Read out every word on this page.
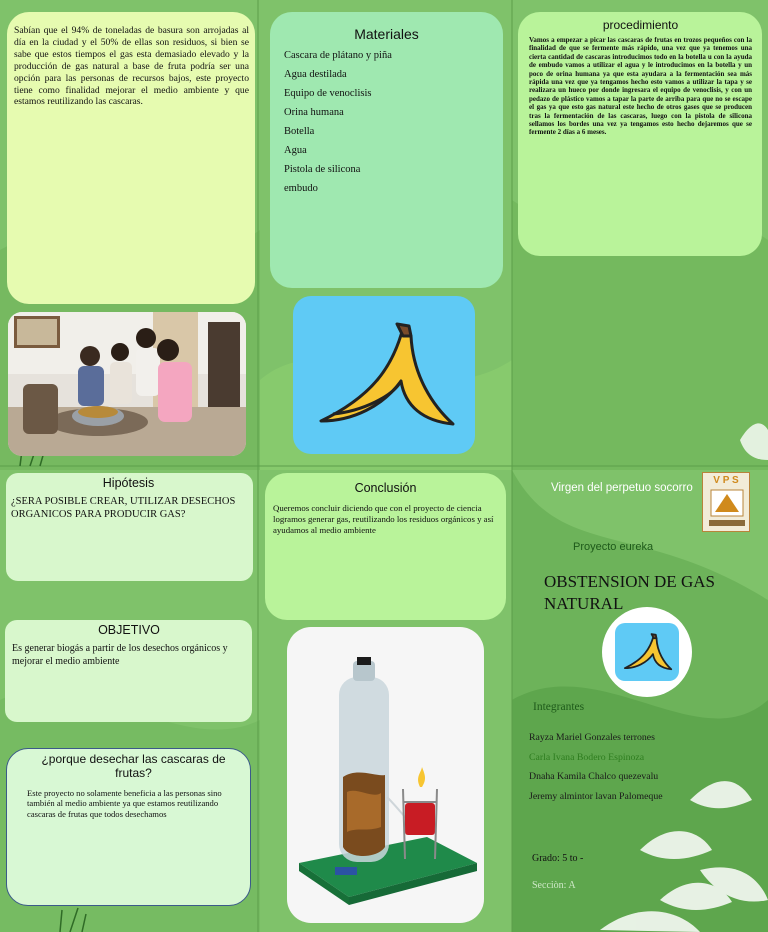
Sabían que el 94% de toneladas de basura son arrojadas al día en la ciudad y el 50% de ellas son residuos, si bien se sabe que estos tiempos el gas esta demasiado elevado y la producción de gas natural a base de fruta podría ser una opción para las personas de recursos bajos, este proyecto tiene como finalidad mejorar el medio ambiente y que estamos reutilizando las cascaras.
Materiales
Cascara de plátano y piña
Agua destilada
Equipo de venoclisis
Orina humana
Botella
Agua
Pistola de silicona
embudo
procedimiento
Vamos a empezar a picar las cascaras de frutas en trozos pequeños con la finalidad de que se fermente más rápido, una vez que ya tenemos una cierta cantidad de cascaras introducimos todo en la botella u con la ayuda de embudo vamos a utilizar el agua y le introducimos en la botella y un poco de orina humana ya que esta ayudara a la fermentación sea más rápida una vez que ya tengamos hecho esto vamos a utilizar la tapa y se realizara un hueco por donde ingresara el equipo de venoclisis, y con un pedazo de plástico vamos a tapar la parte de arriba para que no se escape el gas ya que esto gas natural este hecho de otros gases que se producen tras la fermentación de las cascaras, luego con la pistola de silicona sellamos los bordes una vez ya tengamos esto hecho dejaremos que se fermente 2 días a 6 meses.
Hipótesis
¿SERA POSIBLE CREAR, UTILIZAR DESECHOS ORGANICOS PARA PRODUCIR GAS?
OBJETIVO
Es generar biogás a partir de los desechos orgánicos y mejorar el medio ambiente
¿porque desechar las cascaras de frutas?
Este proyecto no solamente beneficia a las personas sino también al medio ambiente ya que estamos reutilizando cascaras de frutas que todos desechamos
Conclusión
Queremos concluir diciendo que con el proyecto de ciencia logramos generar gas, reutilizando los residuos orgánicos y así ayudamos al medio ambiente
Virgen del perpetuo socorro
V P S
Proyecto eureka
OBSTENSION DE GAS NATURAL
Integrantes
Rayza Mariel Gonzales terrones
Carla Ivana Bodero Espinoza
Dnaha Kamila Chalco quezevalu
Jeremy almintor lavan Palomeque
Grado: 5 to -
Secciòn: A
